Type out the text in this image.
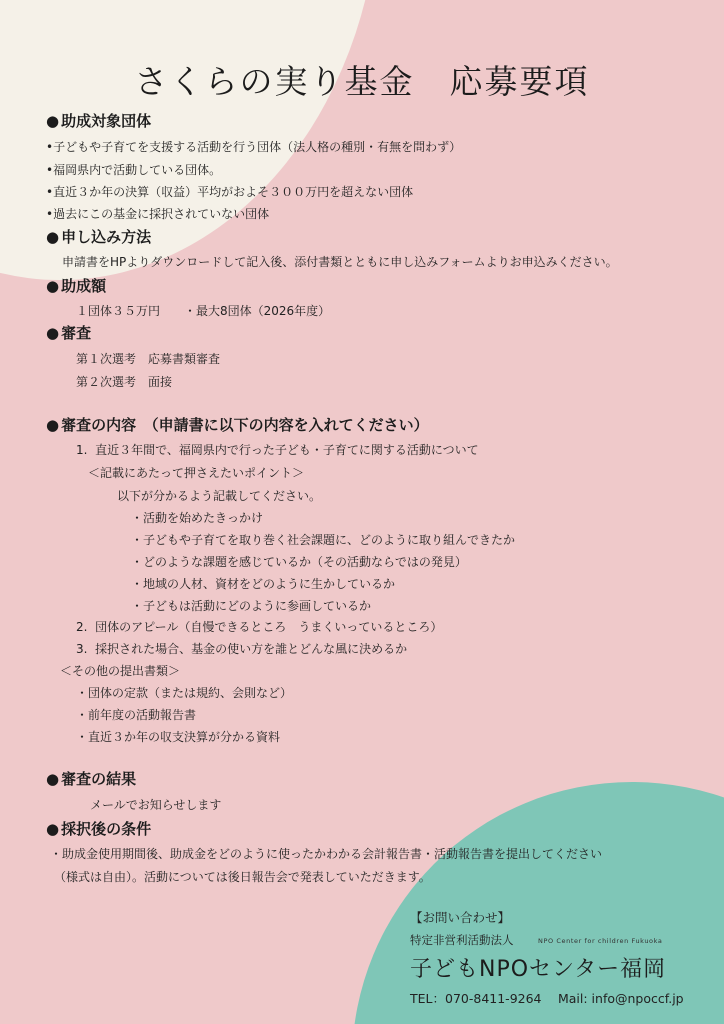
さくらの実り基金　応募要項
● 助成対象団体
•子どもや子育てを支援する活動を行う団体（法人格の種別・有無を問わず）
•福岡県内で活動している団体。
•直近３か年の決算（収益）平均がおよそ３００万円を超えない団体
•過去にこの基金に採択されていない団体
● 申し込み方法
申請書をHPよりダウンロードして記入後、添付書類とともに申し込みフォームよりお申込みください。
● 助成額
１団体３５万円　　・最大8団体（2026年度）
● 審査
第１次選考　応募書類審査
第２次選考　面接
● 審査の内容　（申請書に以下の内容を入れてください）
1.  直近３年間で、福岡県内で行った子ども・子育てに関する活動について
＜記載にあたって押さえたいポイント＞
以下が分かるよう記載してください。
・活動を始めたきっかけ
・子どもや子育てを取り巻く社会課題に、どのように取り組んできたか
・どのような課題を感じているか（その活動ならではの発見）
・地域の人材、資材をどのように生かしているか
・子どもは活動にどのように参画しているか
2.  団体のアピール（自慢できるところ　うまくいっているところ）
3.  採択された場合、基金の使い方を誰とどんな風に決めるか
＜その他の提出書類＞
・団体の定款（または規約、会則など）
・前年度の活動報告書
・直近３か年の収支決算が分かる資料
● 審査の結果
メールでお知らせします
● 採択後の条件
・助成金使用期間後、助成金をどのように使ったかわかる会計報告書・活動報告書を提出してください
（様式は自由）。活動については後日報告会で発表していただきます。
【お問い合わせ】
特定非営利活動法人	NPO Center for children Fukuoka
子どもNPOセンター福岡
TEL：070-8411-9264　 Mail: info@npoccf.jp
